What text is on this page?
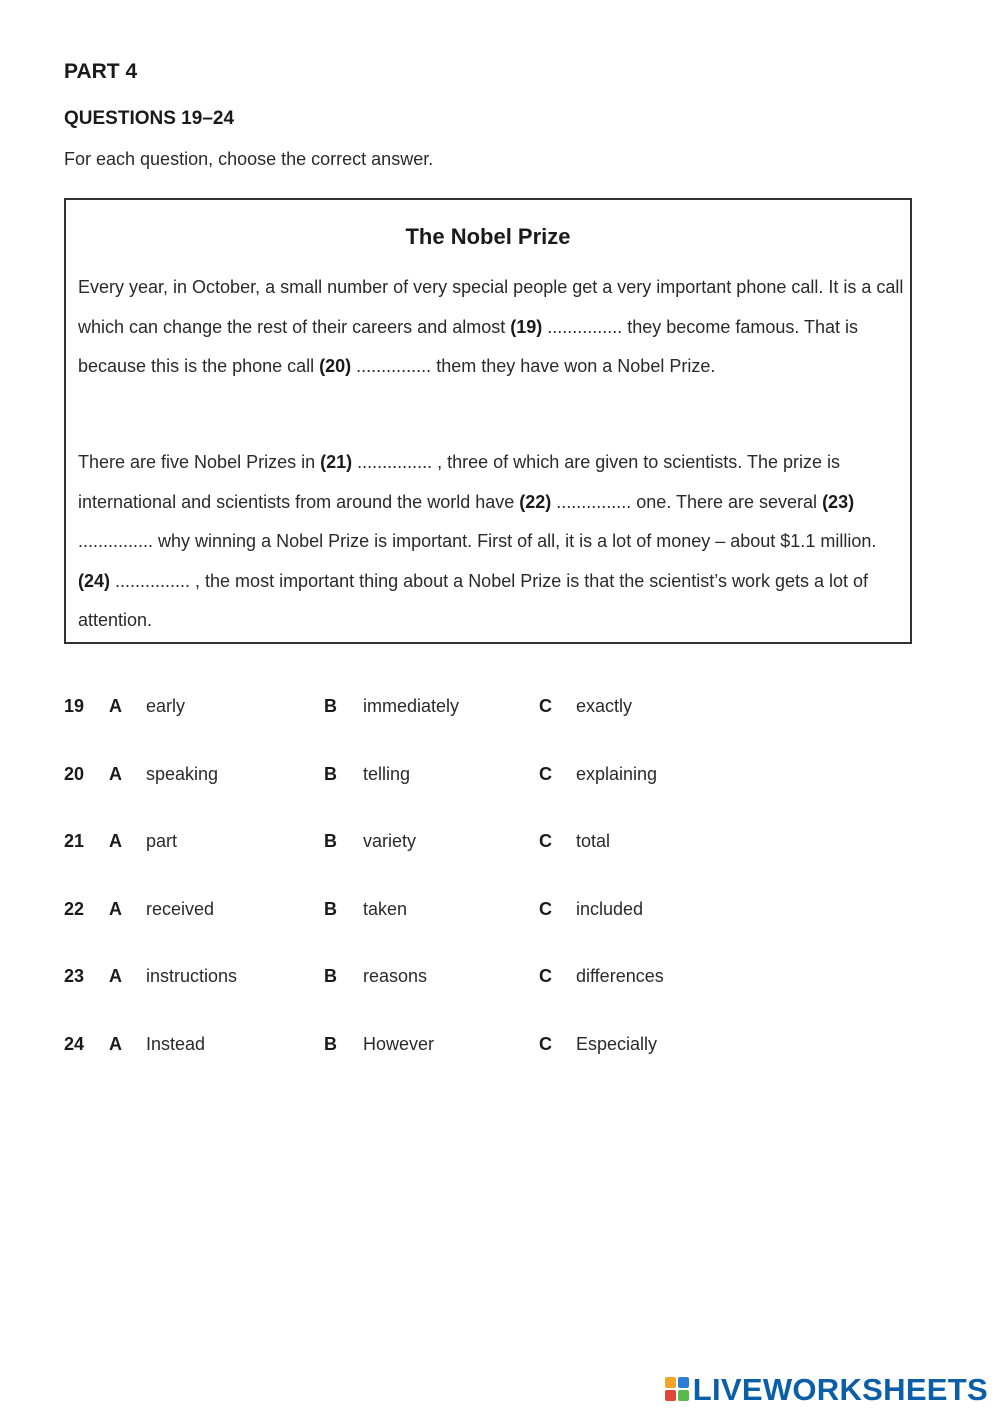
PART 4
QUESTIONS 19–24
For each question, choose the correct answer.
The Nobel Prize
Every year, in October, a small number of very special people get a very important phone call. It is a call which can change the rest of their careers and almost (19) ............... they become famous. That is because this is the phone call (20) ............... them they have won a Nobel Prize.
There are five Nobel Prizes in (21) ............... , three of which are given to scientists. The prize is international and scientists from around the world have (22) ............... one. There are several (23) ............... why winning a Nobel Prize is important. First of all, it is a lot of money – about $1.1 million. (24) ............... , the most important thing about a Nobel Prize is that the scientist’s work gets a lot of attention.
19 A early	B immediately	C exactly
20 A speaking	B telling	C explaining
21 A part	B variety	C total
22 A received	B taken	C included
23 A instructions	B reasons	C differences
24 A Instead	B However	C Especially
LIVEWORKSHEETS
